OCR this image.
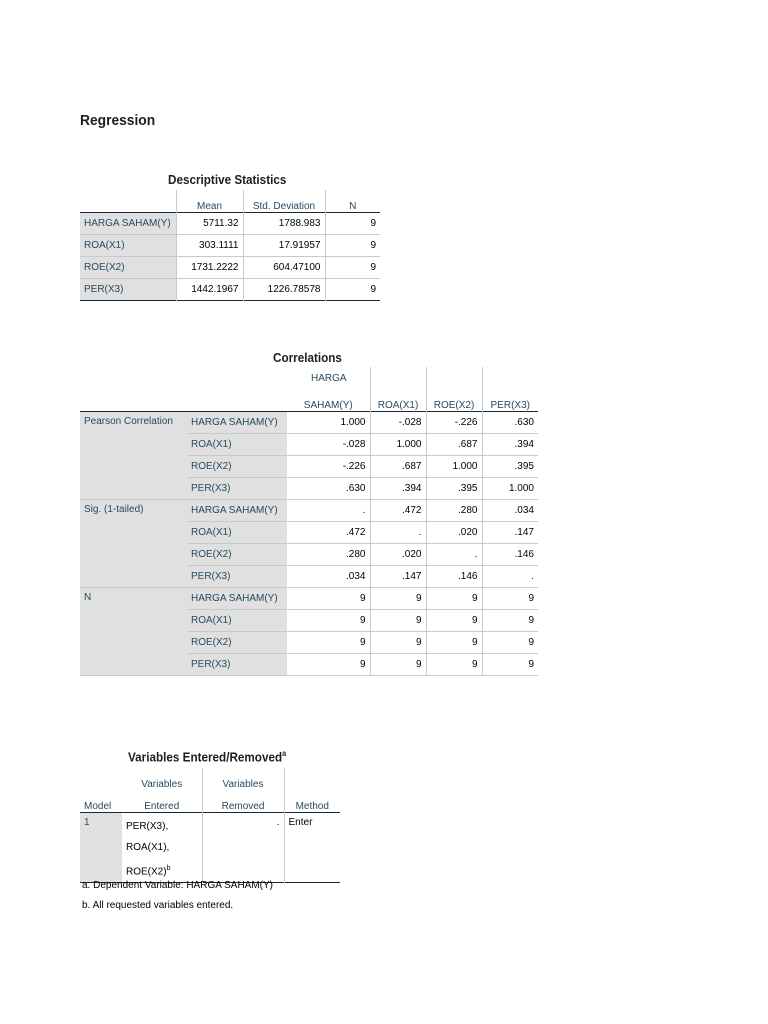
Regression
Descriptive Statistics
	Mean	Std. Deviation	N
HARGA SAHAM(Y)	5711.32	1788.983	9
ROA(X1)	303.1111	17.91957	9
ROE(X2)	1731.2222	604.47100	9
PER(X3)	1442.1967	1226.78578	9
Correlations
		HARGA			
		SAHAM(Y)	ROA(X1)	ROE(X2)	PER(X3)
Pearson Correlation	HARGA SAHAM(Y)	1.000	-.028	-.226	.630
	ROA(X1)	-.028	1.000	.687	.394
	ROE(X2)	-.226	.687	1.000	.395
	PER(X3)	.630	.394	.395	1.000
Sig. (1-tailed)	HARGA SAHAM(Y)	.	.472	.280	.034
	ROA(X1)	.472	.	.020	.147
	ROE(X2)	.280	.020	.	.146
	PER(X3)	.034	.147	.146	.
N	HARGA SAHAM(Y)	9	9	9	9
	ROA(X1)	9	9	9	9
	ROE(X2)	9	9	9	9
	PER(X3)	9	9	9	9
Variables Entered/Removed$^a$
	Variables	Variables	
Model	Entered	Removed	Method
1	PER(X3),
ROA(X1),
$ROE(X2)^b$	.	Enter
a. Dependent Variable: HARGA SAHAM(Y)
b. All requested variables entered.
